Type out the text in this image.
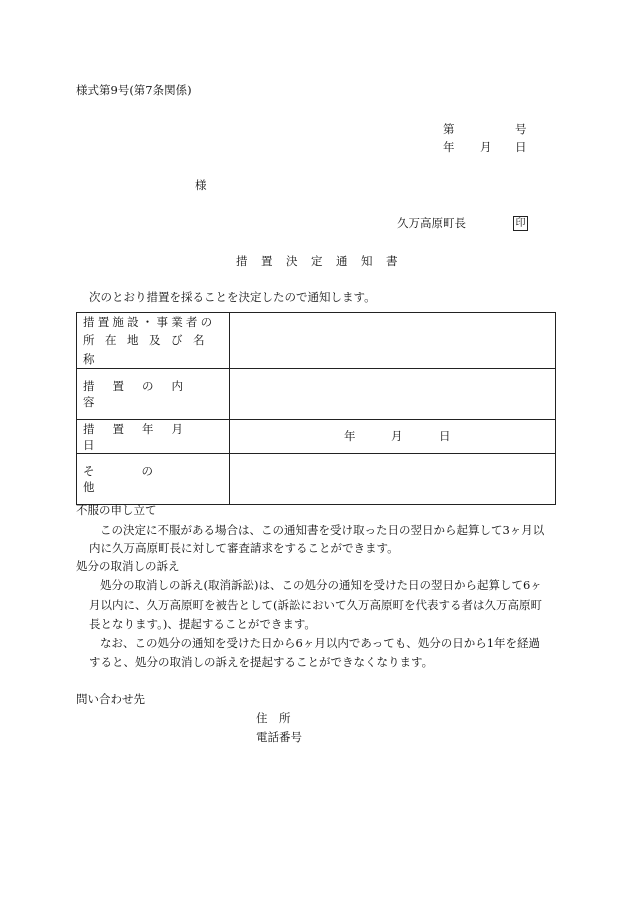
様式第9号(第7条関係)
第	号
年 月 日
様
久万高原町長	印
措置決定通知書
次のとおり措置を採ることを決定したので通知します。
措置施設・事業者の
所在地及び名称	

措置の内容	
措置年月日	年 月 日

その他	
不服の申し立て
この決定に不服がある場合は、この通知書を受け取った日の翌日から起算して3ヶ月以
内に久万高原町長に対して審査請求をすることができます。
処分の取消しの訴え
処分の取消しの訴え(取消訴訟)は、この処分の通知を受けた日の翌日から起算して6ヶ
月以内に、久万高原町を被告として(訴訟において久万高原町を代表する者は久万高原町
長となります。)、提起することができます。
なお、この処分の通知を受けた日から6ヶ月以内であっても、処分の日から1年を経過
すると、処分の取消しの訴えを提起することができなくなります。
問い合わせ先
住　所
電話番号
